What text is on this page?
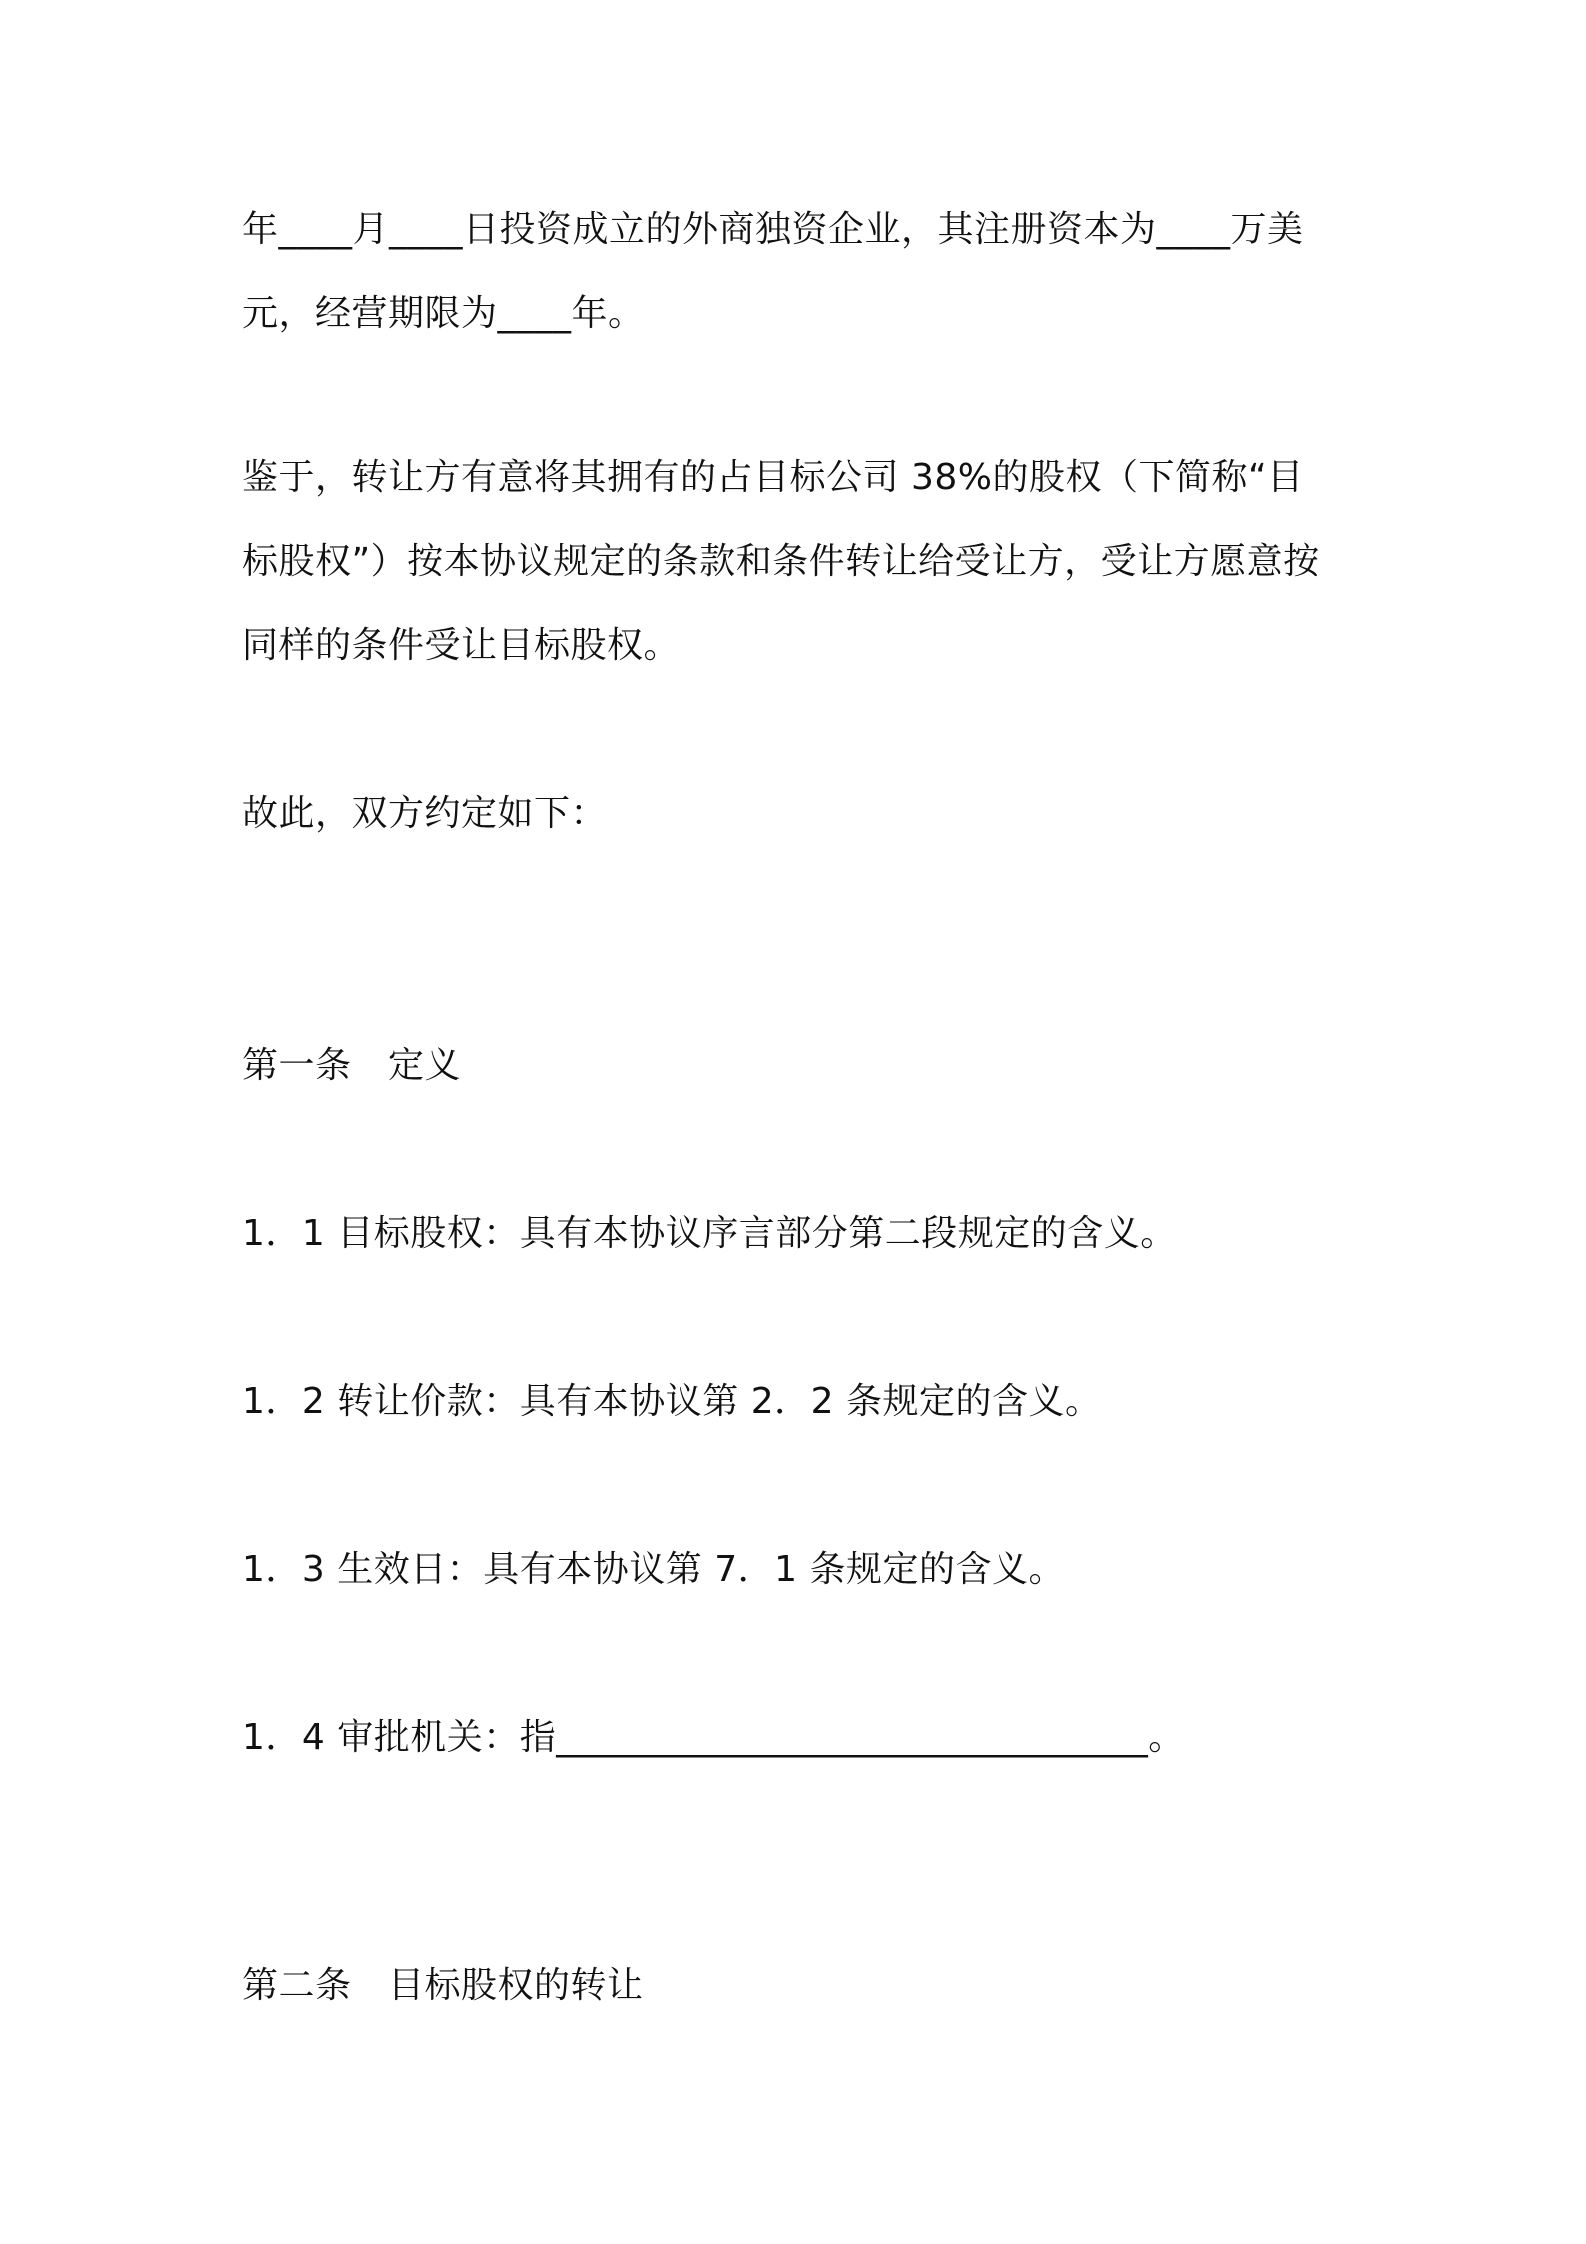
年____月____日投资成立的外商独资企业，其注册资本为____万美
元，经营期限为____年。
鉴于，转让方有意将其拥有的占目标公司 38%的股权（下简称“目
标股权”）按本协议规定的条款和条件转让给受让方，受让方愿意按
同样的条件受让目标股权。
故此，双方约定如下：
第一条　定义
1．1 目标股权：具有本协议序言部分第二段规定的含义。
1．2 转让价款：具有本协议第 2．2 条规定的含义。
1．3 生效日：具有本协议第 7．1 条规定的含义。
1．4 审批机关：指________________________________。
第二条　目标股权的转让
